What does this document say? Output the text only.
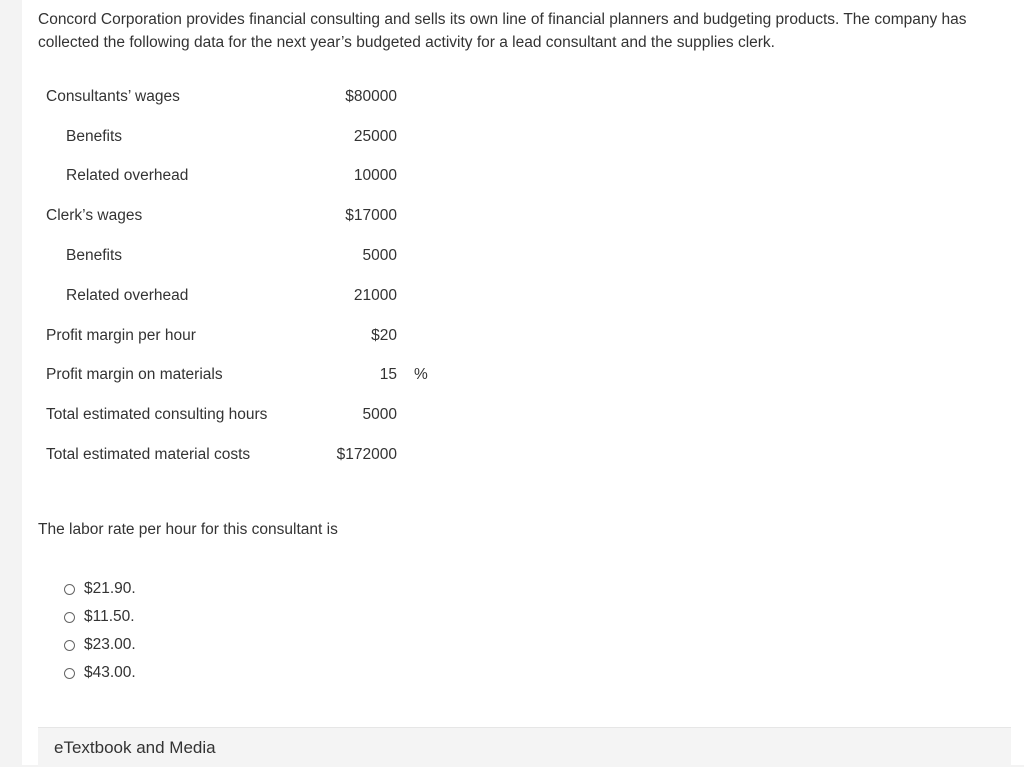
Concord Corporation provides financial consulting and sells its own line of financial planners and budgeting products. The company has collected the following data for the next year’s budgeted activity for a lead consultant and the supplies clerk.

Consultants’ wages	$80000
Benefits	25000
Related overhead	10000
Clerk’s wages	$17000
Benefits	5000
Related overhead	21000
Profit margin per hour	$20
Profit margin on materials	15 %
Total estimated consulting hours	5000
Total estimated material costs	$172000

The labor rate per hour for this consultant is

$21.90.
$11.50.
$23.00.
$43.00.
eTextbook and Media
